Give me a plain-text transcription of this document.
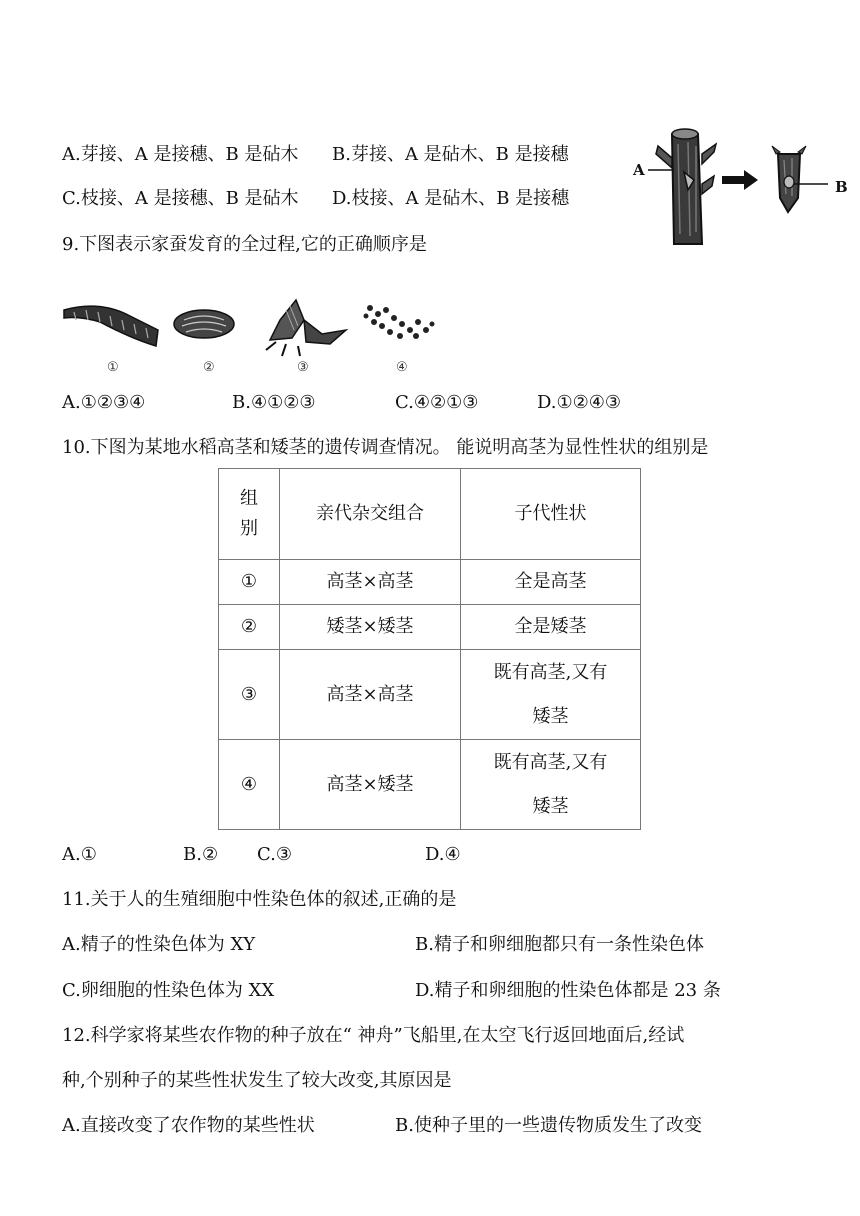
A.芽接、A 是接穗、B 是砧木 B.芽接、A 是砧木、B 是接穗
C.枝接、A 是接穗、B 是砧木 D.枝接、A 是砧木、B 是接穗
A
B
9.下图表示家蚕发育的全过程,它的正确顺序是
①	②	③	④
A.①②③④	B.④①②③	C.④②①③	D.①②④③
10.下图为某地水稻高茎和矮茎的遗传调查情况。 能说明高茎为显性性状的组别是
组
别	亲代杂交组合	子代性状
①	高茎×高茎	全是高茎
②	矮茎×矮茎	全是矮茎
③	高茎×高茎	既有高茎,又有
矮茎

④	高茎×矮茎	既有高茎,又有
矮茎
A.①	B.② C.③	D.④
11.关于人的生殖细胞中性染色体的叙述,正确的是
A.精子的性染色体为 XY	B.精子和卵细胞都只有一条性染色体
C.卵细胞的性染色体为 XX	D.精子和卵细胞的性染色体都是 23 条
12.科学家将某些农作物的种子放在“ 神舟”飞船里,在太空飞行返回地面后,经试
种,个别种子的某些性状发生了较大改变,其原因是
A.直接改变了农作物的某些性状	B.使种子里的一些遗传物质发生了改变
